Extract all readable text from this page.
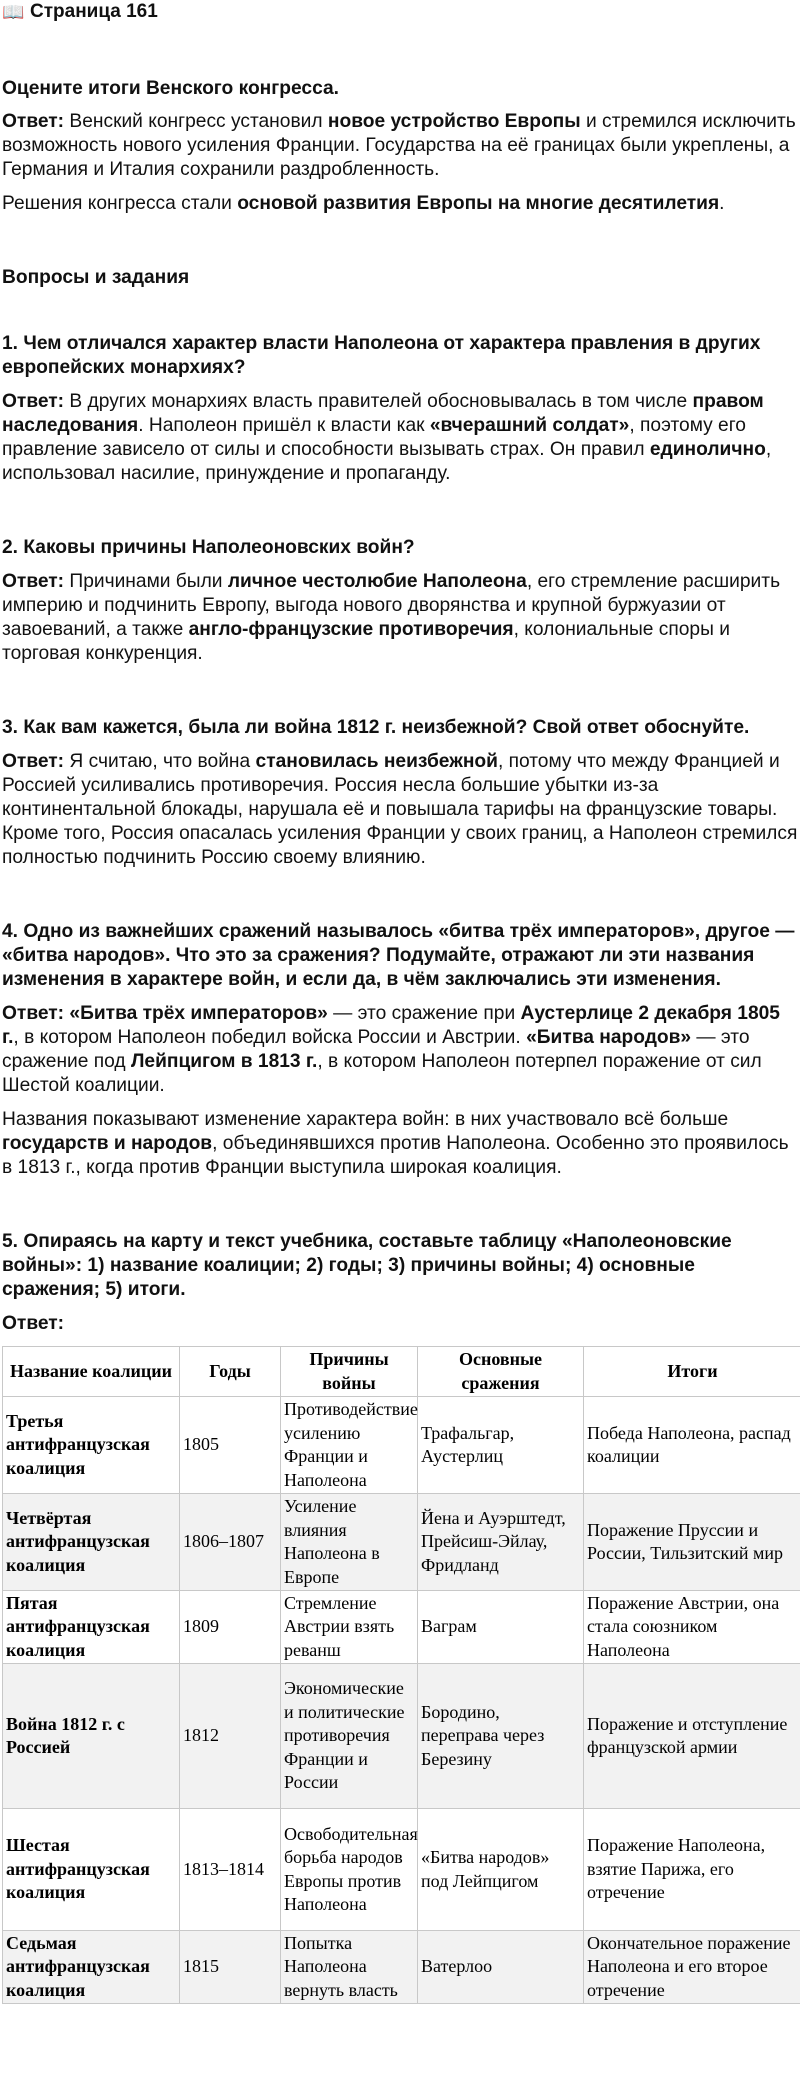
📖 Страница 161

Оцените итоги Венского конгресса.

Ответ: Венский конгресс установил новое устройство Европы и стремился исключить возможность нового усиления Франции. Государства на её границах были укреплены, а Германия и Италия сохранили раздробленность.

Решения конгресса стали основой развития Европы на многие десятилетия.

Вопросы и задания

1. Чем отличался характер власти Наполеона от характера правления в других европейских монархиях?

Ответ: В других монархиях власть правителей обосновывалась в том числе правом наследования. Наполеон пришёл к власти как «вчерашний солдат», поэтому его правление зависело от силы и способности вызывать страх. Он правил единолично, использовал насилие, принуждение и пропаганду.

2. Каковы причины Наполеоновских войн?

Ответ: Причинами были личное честолюбие Наполеона, его стремление расширить империю и подчинить Европу, выгода нового дворянства и крупной буржуазии от завоеваний, а также англо-французские противоречия, колониальные споры и торговая конкуренция.

3. Как вам кажется, была ли война 1812 г. неизбежной? Свой ответ обоснуйте.

Ответ: Я считаю, что война становилась неизбежной, потому что между Францией и Россией усиливались противоречия. Россия несла большие убытки из-за континентальной блокады, нарушала её и повышала тарифы на французские товары. Кроме того, Россия опасалась усиления Франции у своих границ, а Наполеон стремился полностью подчинить Россию своему влиянию.

4. Одно из важнейших сражений называлось «битва трёх императоров», другое — «битва народов». Что это за сражения? Подумайте, отражают ли эти названия изменения в характере войн, и если да, в чём заключались эти изменения.

Ответ: «Битва трёх императоров» — это сражение при Аустерлице 2 декабря 1805 г., в котором Наполеон победил войска России и Австрии. «Битва народов» — это сражение под Лейпцигом в 1813 г., в котором Наполеон потерпел поражение от сил Шестой коалиции.

Названия показывают изменение характера войн: в них участвовало всё больше государств и народов, объединявшихся против Наполеона. Особенно это проявилось в 1813 г., когда против Франции выступила широкая коалиция.

5. Опираясь на карту и текст учебника, составьте таблицу «Наполеоновские войны»: 1) название коалиции; 2) годы; 3) причины войны; 4) основные сражения; 5) итоги.

Ответ:

Название коалиции	Годы	Причины войны	Основные сражения	Итоги
Третья антифранцузская коалиция	1805	Противодействие усилению Франции и Наполеона	Трафальгар, Аустерлиц	Победа Наполеона, распад коалиции
Четвёртая антифранцузская коалиция	1806–1807	Усиление влияния Наполеона в Европе	Йена и Ауэрштедт, Прейсиш-Эйлау, Фридланд	Поражение Пруссии и России, Тильзитский мир
Пятая антифранцузская коалиция	1809	Стремление Австрии взять реванш	Ваграм	Поражение Австрии, она стала союзником Наполеона
Война 1812 г. с Россией	1812	Экономические и политические противоречия Франции и России	Бородино, переправа через Березину	Поражение и отступление французской армии
Шестая антифранцузская коалиция	1813–1814	Освободительная борьба народов Европы против Наполеона	«Битва народов» под Лейпцигом	Поражение Наполеона, взятие Парижа, его отречение
Седьмая антифранцузская коалиция	1815	Попытка Наполеона вернуть власть	Ватерлоо	Окончательное поражение Наполеона и его второе отречение
